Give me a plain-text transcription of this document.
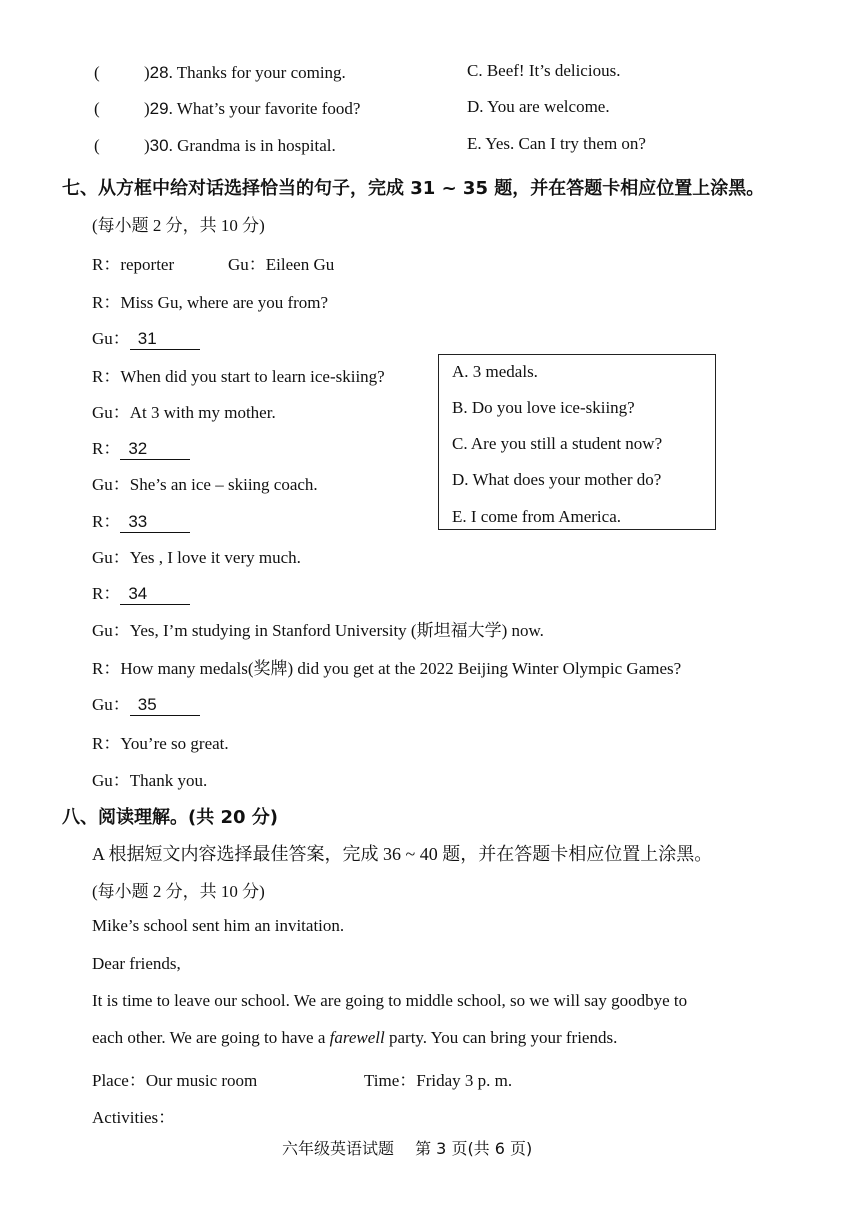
(	)28. Thanks for your coming.	C. Beef! It’s delicious.
(	)29. What’s your favorite food?	D. You are welcome.
(	)30. Grandma is in hospital.	E. Yes. Can I try them on?
七、从方框中给对话选择恰当的句子，完成 31 ~ 35 题，并在答题卡相应位置上涂黑。
(每小题 2 分，共 10 分)
R：reporter	Gu：Eileen Gu
R：Miss Gu, where are you from?
Gu： 31
R：When did you start to learn ice-skiing?
Gu：At 3 with my mother.
R： 32
Gu：She’s an ice – skiing coach.
R： 33
Gu：Yes , I love it very much.
R： 34
Gu：Yes, I’m studying in Stanford University (斯坦福大学) now.
R：How many medals(奖牌) did you get at the 2022 Beijing Winter Olympic Games?
Gu： 35
R：You’re so great.
Gu：Thank you.
A. 3 medals.
B. Do you love ice-skiing?
C. Are you still a student now?
D. What does your mother do?
E. I come from America.
八、阅读理解。(共 20 分)
A 根据短文内容选择最佳答案，完成 36 ~ 40 题，并在答题卡相应位置上涂黑。
(每小题 2 分，共 10 分)
Mike’s school sent him an invitation.
Dear friends,
It is time to leave our school. We are going to middle school, so we will say goodbye to
each other. We are going to have a farewell party. You can bring your friends.
Place：Our music room	Time：Friday 3 p. m.
Activities：
六年级英语试题　 第 3 页(共 6 页)
